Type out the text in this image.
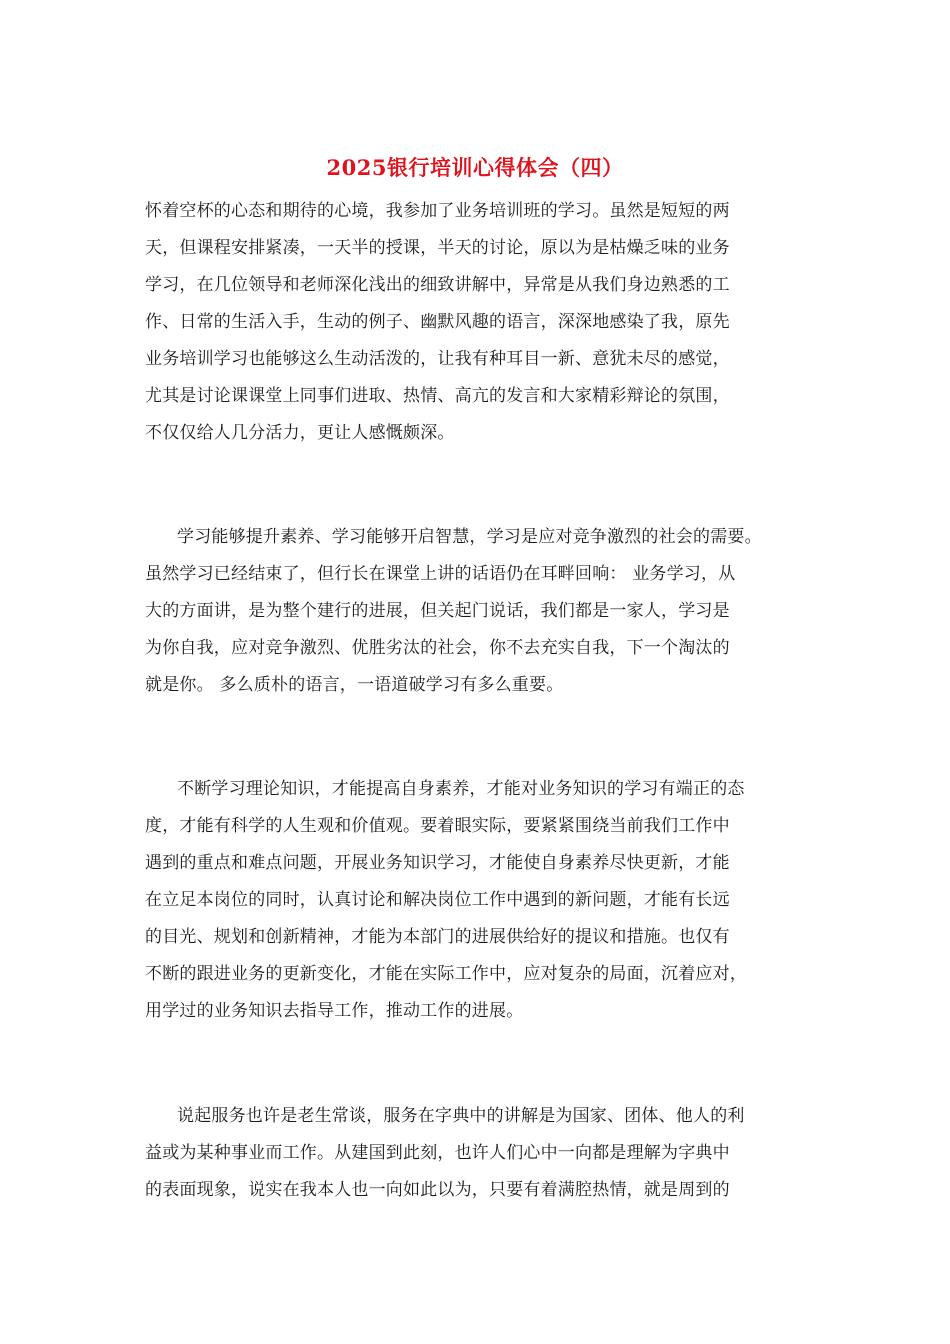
2025银行培训心得体会（四）

怀着空杯的心态和期待的心境，我参加了业务培训班的学习。虽然是短短的两

天，但课程安排紧凑，一天半的授课，半天的讨论，原以为是枯燥乏味的业务

学习，在几位领导和老师深化浅出的细致讲解中，异常是从我们身边熟悉的工

作、日常的生活入手，生动的例子、幽默风趣的语言，深深地感染了我，原先

业务培训学习也能够这么生动活泼的，让我有种耳目一新、意犹未尽的感觉，

尤其是讨论课课堂上同事们进取、热情、高亢的发言和大家精彩辩论的氛围，

不仅仅给人几分活力，更让人感慨颇深。

学习能够提升素养、学习能够开启智慧，学习是应对竞争激烈的社会的需要。

虽然学习已经结束了，但行长在课堂上讲的话语仍在耳畔回响： 业务学习，从

大的方面讲，是为整个建行的进展，但关起门说话，我们都是一家人，学习是

为你自我，应对竞争激烈、优胜劣汰的社会，你不去充实自我，下一个淘汰的

就是你。 多么质朴的语言，一语道破学习有多么重要。

不断学习理论知识，才能提高自身素养，才能对业务知识的学习有端正的态

度，才能有科学的人生观和价值观。要着眼实际，要紧紧围绕当前我们工作中

遇到的重点和难点问题，开展业务知识学习，才能使自身素养尽快更新，才能

在立足本岗位的同时，认真讨论和解决岗位工作中遇到的新问题，才能有长远

的目光、规划和创新精神，才能为本部门的进展供给好的提议和措施。也仅有

不断的跟进业务的更新变化，才能在实际工作中，应对复杂的局面，沉着应对，

用学过的业务知识去指导工作，推动工作的进展。

说起服务也许是老生常谈，服务在字典中的讲解是为国家、团体、他人的利

益或为某种事业而工作。从建国到此刻，也许人们心中一向都是理解为字典中

的表面现象，说实在我本人也一向如此以为，只要有着满腔热情，就是周到的
